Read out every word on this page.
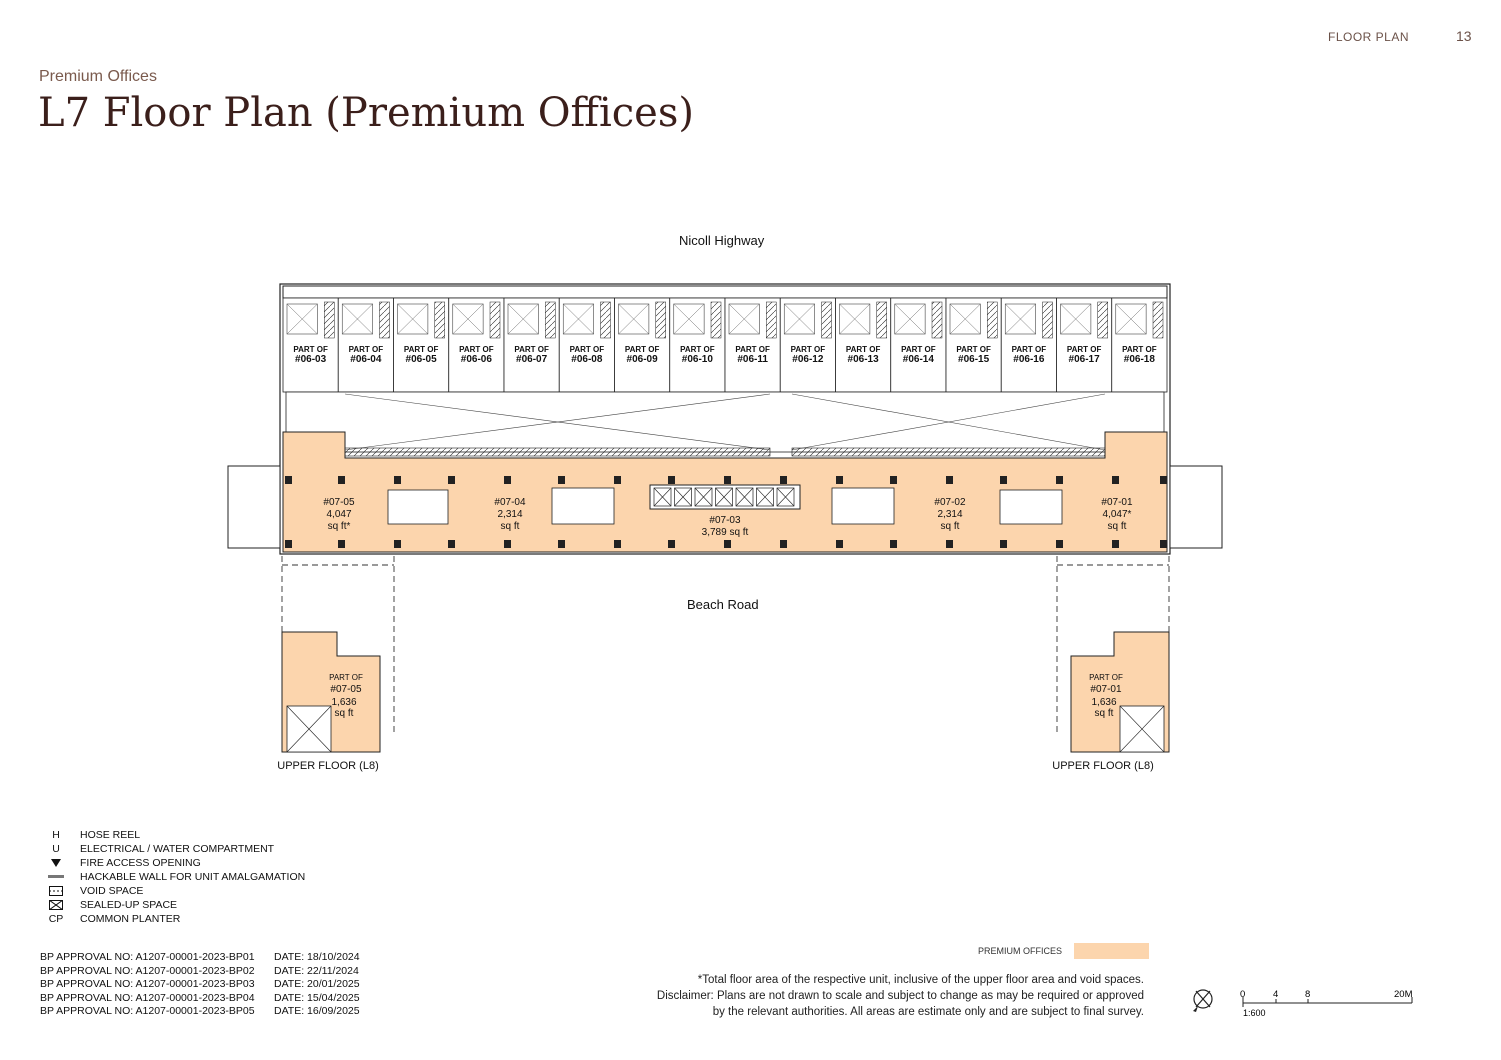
FLOOR PLAN	13
Premium Offices
L7 Floor Plan (Premium Offices)
Nicoll Highway
Beach Road
PART OF
#06-03
PART OF
#06-04
PART OF
#06-05
PART OF
#06-06
PART OF
#06-07
PART OF
#06-08
PART OF
#06-09
PART OF
#06-10
PART OF
#06-11
PART OF
#06-12
PART OF
#06-13
PART OF
#06-14
PART OF
#06-15
PART OF
#06-16
PART OF
#06-17
PART OF
#06-18
#07-05
4,047
sq ft*
#07-04
2,314
sq ft
#07-03
3,789 sq ft
#07-02
2,314
sq ft
#07-01
4,047*
sq ft
PART OF
#07-05
1,636
sq ft
UPPER FLOOR (L8)
PART OF
#07-01
1,636
sq ft
UPPER FLOOR (L8)
H	HOSE REEL
U	ELECTRICAL / WATER COMPARTMENT
FIRE ACCESS OPENING
HACKABLE WALL FOR UNIT AMALGAMATION
VOID SPACE
SEALED-UP SPACE
CP	COMMON PLANTER
BP APPROVAL NO: A1207-00001-2023-BP01	DATE: 18/10/2024
BP APPROVAL NO: A1207-00001-2023-BP02	DATE: 22/11/2024
BP APPROVAL NO: A1207-00001-2023-BP03	DATE: 20/01/2025
BP APPROVAL NO: A1207-00001-2023-BP04	DATE: 15/04/2025
BP APPROVAL NO: A1207-00001-2023-BP05	DATE: 16/09/2025
PREMIUM OFFICES
*Total floor area of the respective unit, inclusive of the upper floor area and void spaces.
Disclaimer: Plans are not drawn to scale and subject to change as may be required or approved
by the relevant authorities. All areas are estimate only and are subject to final survey.
0	4	8	20M
1:600
